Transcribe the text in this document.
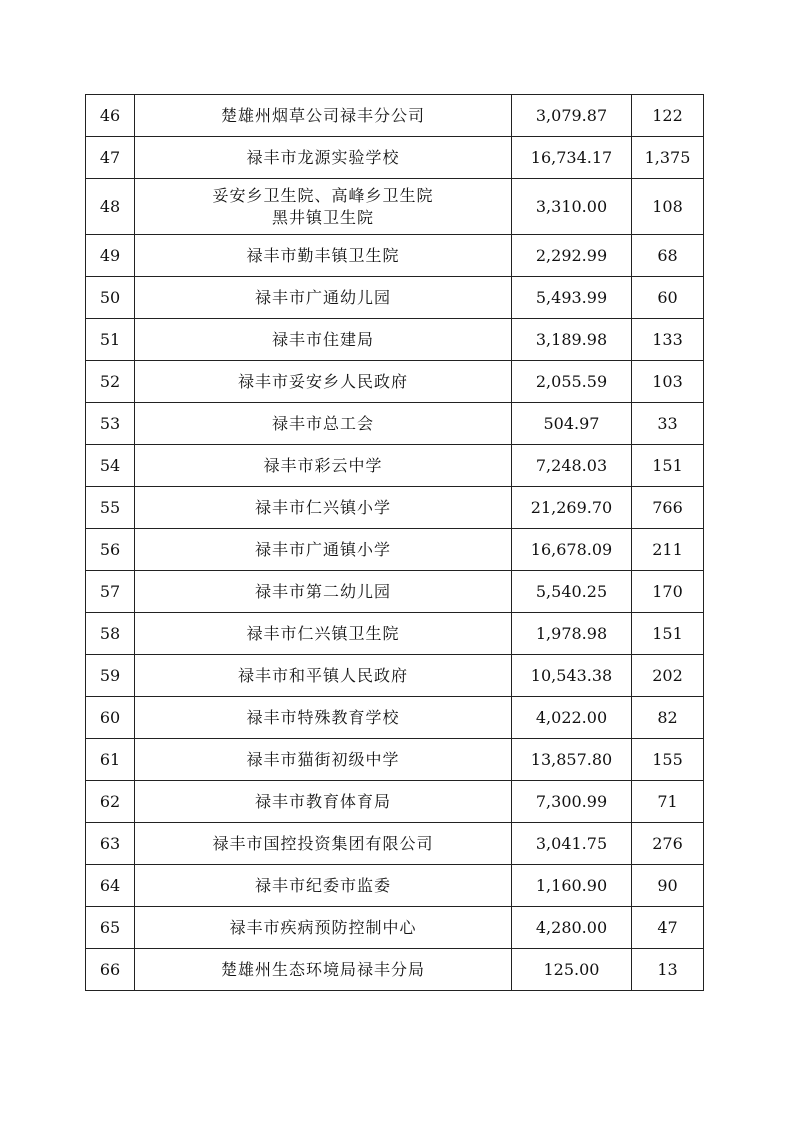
46	楚雄州烟草公司禄丰分公司	3,079.87	122
47	禄丰市龙源实验学校	16,734.17	1,375
48	妥安乡卫生院、高峰乡卫生院
黑井镇卫生院	3,310.00	108
49	禄丰市勤丰镇卫生院	2,292.99	68
50	禄丰市广通幼儿园	5,493.99	60
51	禄丰市住建局	3,189.98	133
52	禄丰市妥安乡人民政府	2,055.59	103
53	禄丰市总工会	504.97	33
54	禄丰市彩云中学	7,248.03	151
55	禄丰市仁兴镇小学	21,269.70	766
56	禄丰市广通镇小学	16,678.09	211
57	禄丰市第二幼儿园	5,540.25	170
58	禄丰市仁兴镇卫生院	1,978.98	151
59	禄丰市和平镇人民政府	10,543.38	202
60	禄丰市特殊教育学校	4,022.00	82
61	禄丰市猫街初级中学	13,857.80	155
62	禄丰市教育体育局	7,300.99	71
63	禄丰市国控投资集团有限公司	3,041.75	276
64	禄丰市纪委市监委	1,160.90	90
65	禄丰市疾病预防控制中心	4,280.00	47
66	楚雄州生态环境局禄丰分局	125.00	13
